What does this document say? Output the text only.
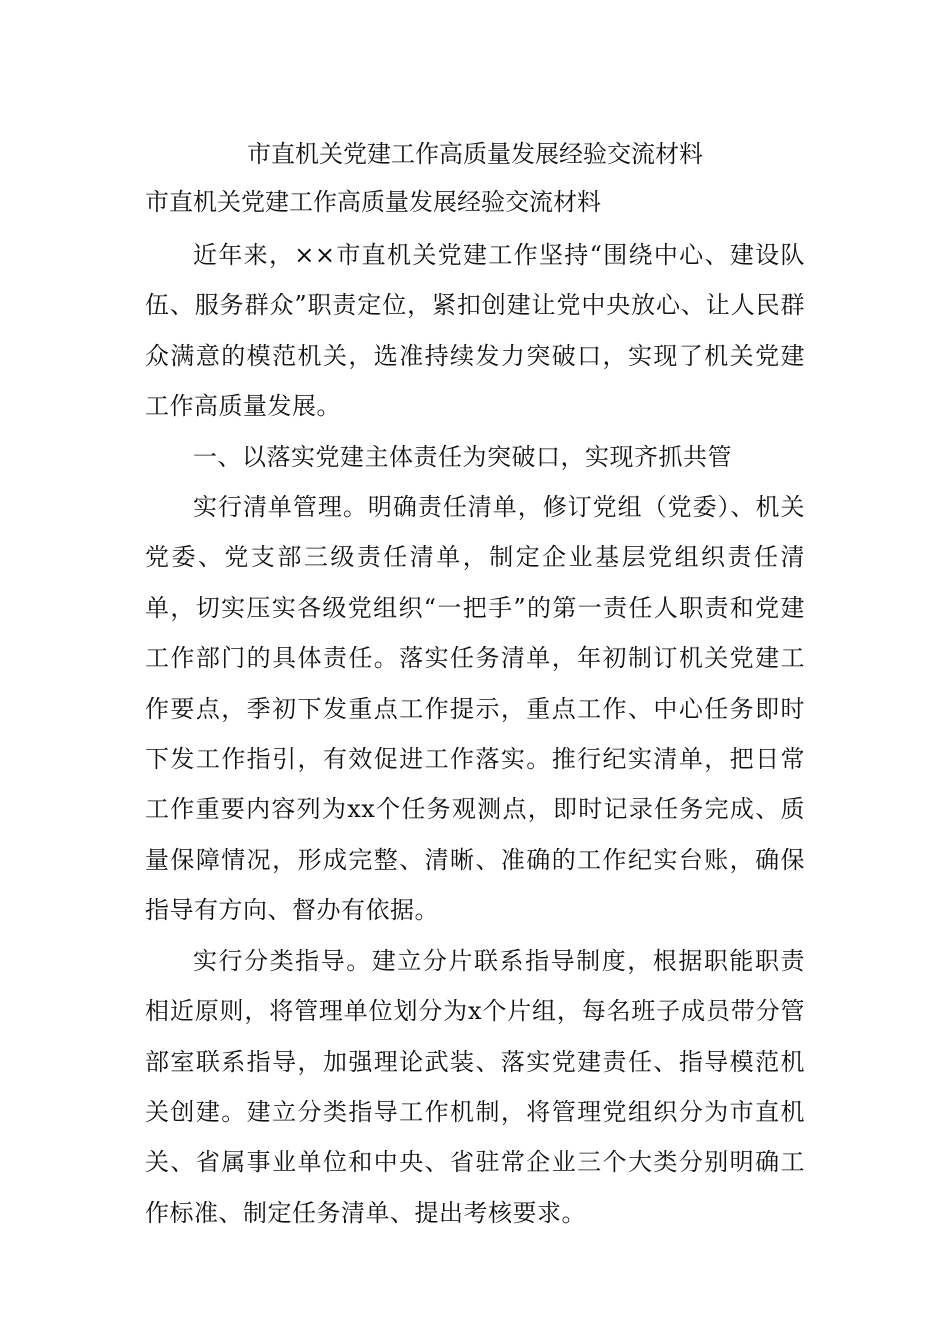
市直机关党建工作高质量发展经验交流材料
市直机关党建工作高质量发展经验交流材料

近年来，××市直机关党建工作坚持“围绕中心、建设队伍、服务群众”职责定位，紧扣创建让党中央放心、让人民群众满意的模范机关，选准持续发力突破口，实现了机关党建工作高质量发展。

一、以落实党建主体责任为突破口，实现齐抓共管

实行清单管理。明确责任清单，修订党组（党委）、机关党委、党支部三级责任清单，制定企业基层党组织责任清单，切实压实各级党组织“一把手”的第一责任人职责和党建工作部门的具体责任。落实任务清单，年初制订机关党建工作要点，季初下发重点工作提示，重点工作、中心任务即时下发工作指引，有效促进工作落实。推行纪实清单，把日常工作重要内容列为xx个任务观测点，即时记录任务完成、质量保障情况，形成完整、清晰、准确的工作纪实台账，确保指导有方向、督办有依据。

实行分类指导。建立分片联系指导制度，根据职能职责相近原则，将管理单位划分为x个片组，每名班子成员带分管部室联系指导，加强理论武装、落实党建责任、指导模范机关创建。建立分类指导工作机制，将管理党组织分为市直机关、省属事业单位和中央、省驻常企业三个大类分别明确工作标准、制定任务清单、提出考核要求。
